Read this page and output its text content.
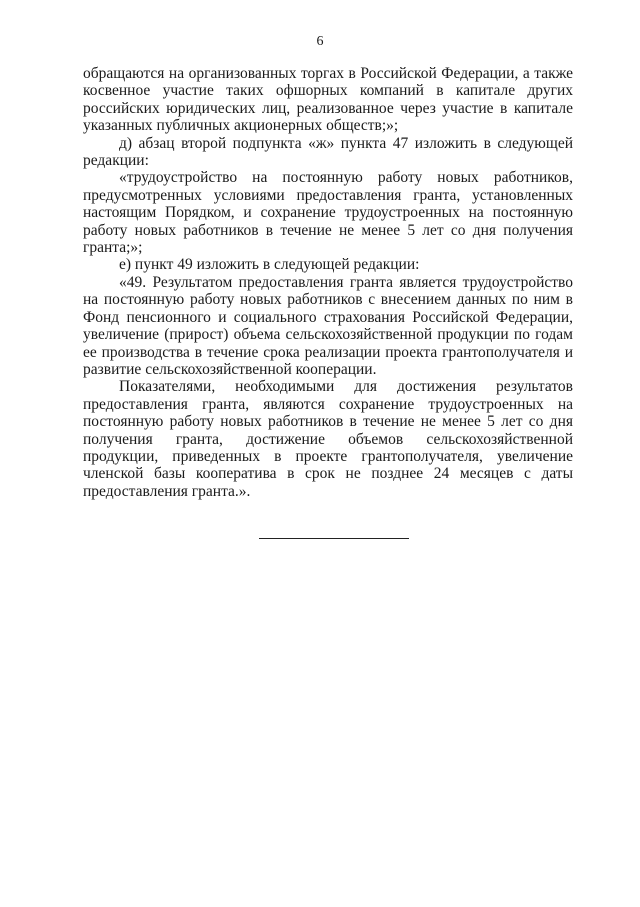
6

обращаются на организованных торгах в Российской Федерации, а также косвенное участие таких офшорных компаний в капитале других российских юридических лиц, реализованное через участие в капитале указанных публичных акционерных обществ;»;

д) абзац второй подпункта «ж» пункта 47 изложить в следующей редакции:

«трудоустройство на постоянную работу новых работников, предусмотренных условиями предоставления гранта, установленных настоящим Порядком, и сохранение трудоустроенных на постоянную работу новых работников в течение не менее 5 лет со дня получения гранта;»;

е) пункт 49 изложить в следующей редакции:

«49. Результатом предоставления гранта является трудоустройство на постоянную работу новых работников с внесением данных по ним в Фонд пенсионного и социального страхования Российской Федерации, увеличение (прирост) объема сельскохозяйственной продукции по годам ее производства в течение срока реализации проекта грантополучателя и развитие сельскохозяйственной кооперации.

Показателями, необходимыми для достижения результатов предоставления гранта, являются сохранение трудоустроенных на постоянную работу новых работников в течение не менее 5 лет со дня получения гранта, достижение объемов сельскохозяйственной продукции, приведенных в проекте грантополучателя, увеличение членской базы кооператива в срок не позднее 24 месяцев с даты предоставления гранта.».
